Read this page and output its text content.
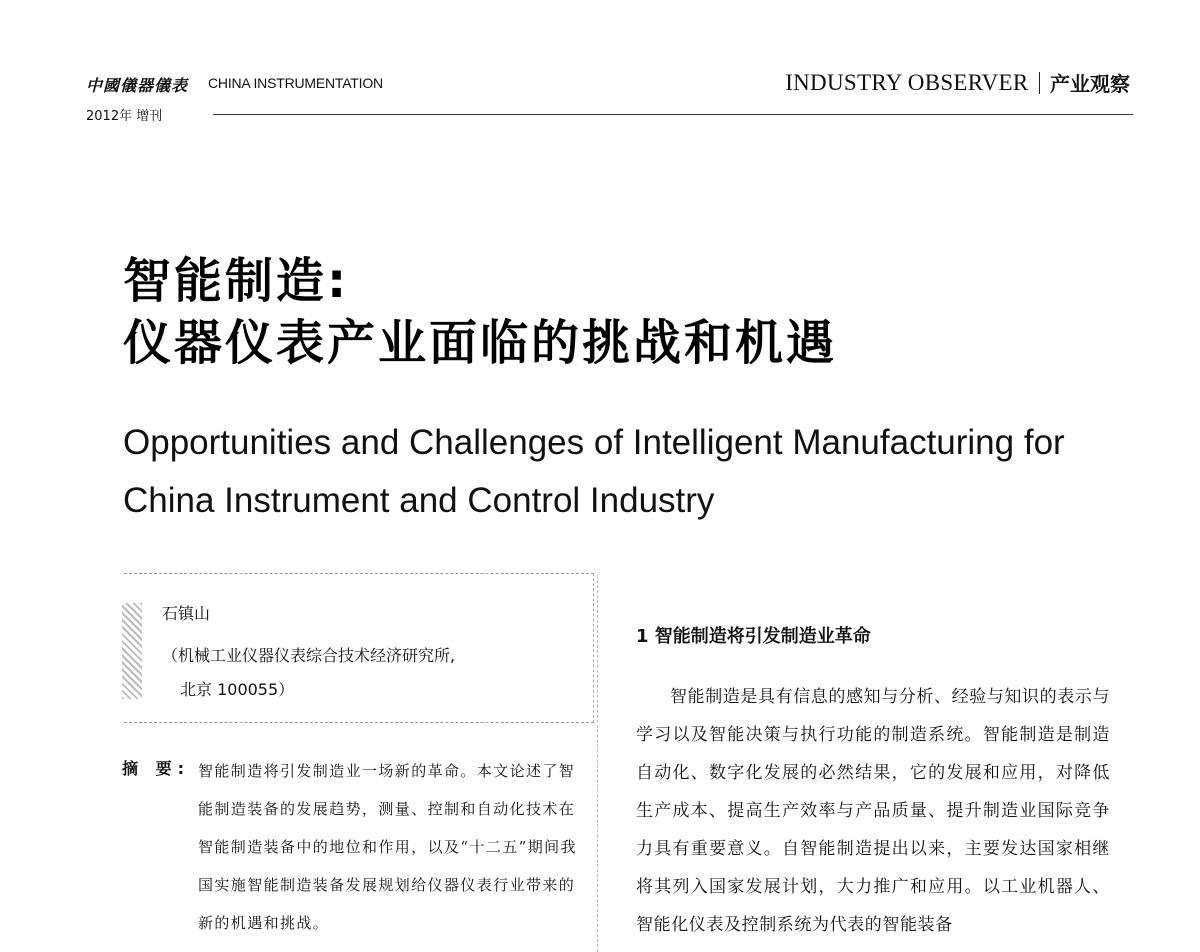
中國儀器儀表 CHINA INSTRUMENTATION
2012年 增刊
INDUSTRY OBSERVER 产业观察
智能制造:
仪器仪表产业面临的挑战和机遇
Opportunities and Challenges of Intelligent Manufacturing for China Instrument and Control Industry
石镇山
（机械工业仪器仪表综合技术经济研究所,
北京 100055）
摘 要: 智能制造将引发制造业一场新的革命。本文论述了智能制造装备的发展趋势，测量、控制和自动化技术在智能制造装备中的地位和作用，以及“十二五”期间我国实施智能制造装备发展规划给仪器仪表行业带来的新的机遇和挑战。
1 智能制造将引发制造业革命
智能制造是具有信息的感知与分析、经验与知识的表示与学习以及智能决策与执行功能的制造系统。智能制造是制造自动化、数字化发展的必然结果，它的发展和应用，对降低生产成本、提高生产效率与产品质量、提升制造业国际竞争力具有重要意义。自智能制造提出以来，主要发达国家相继将其列入国家发展计划，大力推广和应用。以工业机器人、智能化仪表及控制系统为代表的智能装备
